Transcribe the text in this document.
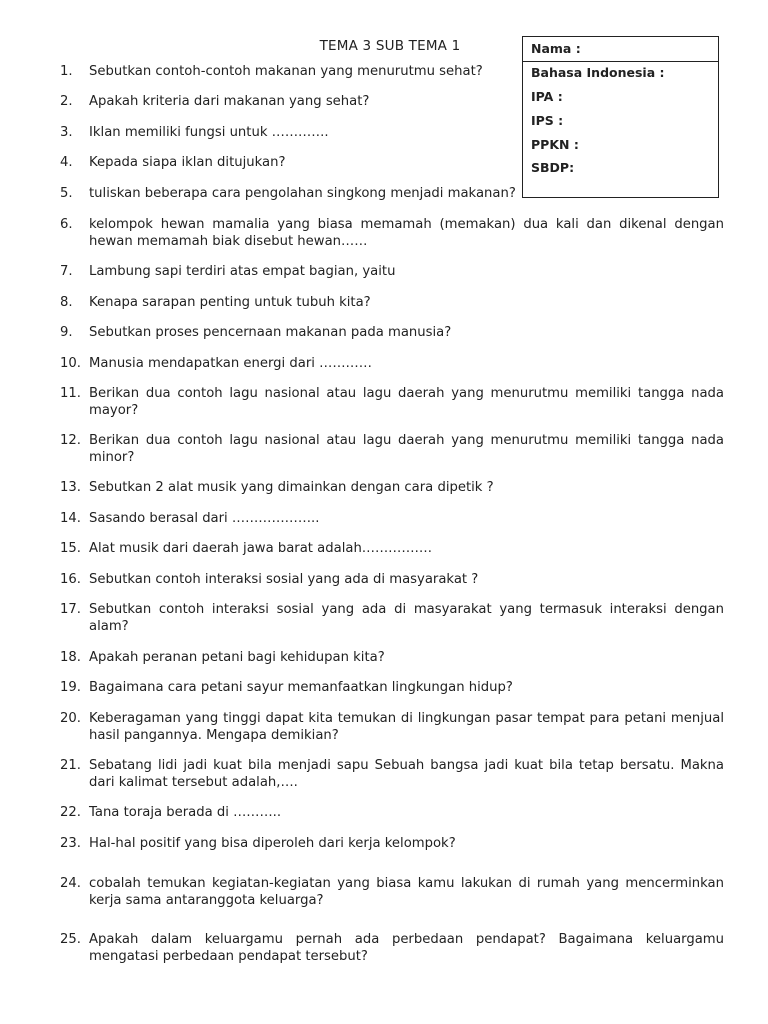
TEMA 3 SUB TEMA 1
1.	Sebutkan contoh-contoh makanan yang menurutmu sehat?
2.	Apakah kriteria dari makanan yang sehat?
3.	Iklan memiliki fungsi untuk ………….
4.	Kepada siapa iklan ditujukan?
5.	tuliskan beberapa cara pengolahan singkong menjadi makanan?
6.	kelompok hewan mamalia yang biasa memamah (memakan) dua kali dan dikenal dengan hewan memamah biak disebut hewan……
7.	Lambung sapi terdiri atas empat bagian, yaitu
8.	Kenapa sarapan penting untuk tubuh kita?
9.	Sebutkan proses pencernaan makanan pada manusia?
10. Manusia mendapatkan energi dari …………
11. Berikan dua contoh lagu nasional atau lagu daerah yang menurutmu memiliki tangga nada mayor?
12. Berikan dua contoh lagu nasional atau lagu daerah yang menurutmu memiliki tangga nada minor?
13. Sebutkan 2 alat musik yang dimainkan dengan cara dipetik ?
14. Sasando berasal dari ………………..
15. Alat musik dari daerah jawa barat adalah…………….
16. Sebutkan contoh interaksi sosial yang ada di masyarakat ?
17. Sebutkan contoh interaksi sosial yang ada di masyarakat yang termasuk interaksi dengan alam?
18. Apakah peranan petani bagi kehidupan kita?
19. Bagaimana cara petani sayur memanfaatkan lingkungan hidup?
20. Keberagaman yang tinggi dapat kita temukan di lingkungan pasar tempat para petani menjual hasil pangannya. Mengapa demikian?
21. Sebatang lidi jadi kuat bila menjadi sapu Sebuah bangsa jadi kuat bila tetap bersatu. Makna dari kalimat tersebut adalah,….
22. Tana toraja berada di ………..
23. Hal-hal positif yang bisa diperoleh dari kerja kelompok?
24. cobalah temukan kegiatan-kegiatan yang biasa kamu lakukan di rumah yang mencerminkan kerja sama antaranggota keluarga?
25. Apakah dalam keluargamu pernah ada perbedaan pendapat? Bagaimana keluargamu mengatasi perbedaan pendapat tersebut?
Nama :
Bahasa Indonesia :
IPA :
IPS :
PPKN :
SBDP:
